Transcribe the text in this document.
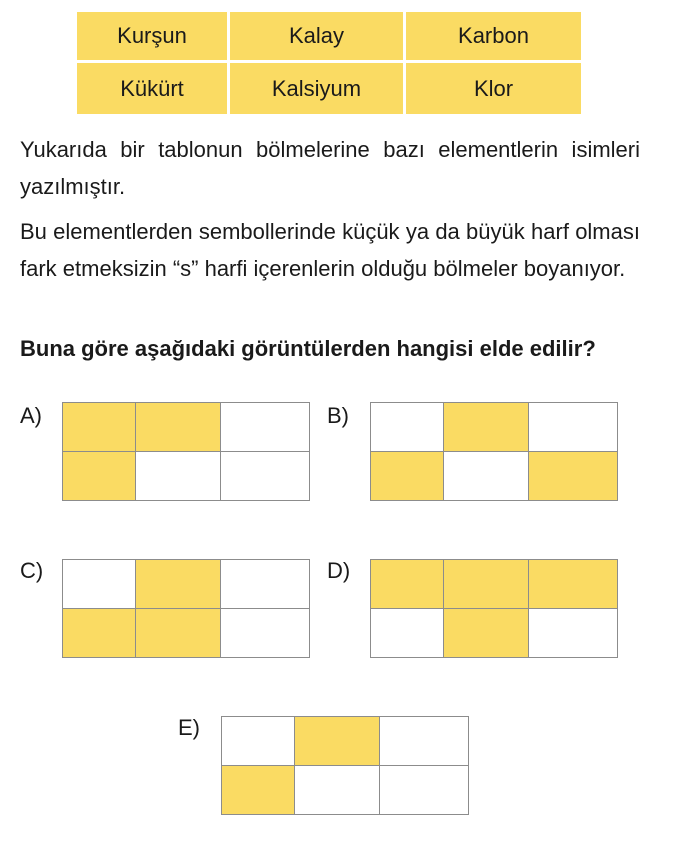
Kurşun	Kalay	Karbon
Kükürt	Kalsiyum	Klor

Yukarıda bir tablonun bölmelerine bazı elementlerin isimleri yazılmıştır.

Bu elementlerden sembollerinde küçük ya da büyük harf olması fark etmeksizin “s” harfi içerenlerin olduğu bölmeler boyanıyor.

Buna göre aşağıdaki görüntülerden hangisi elde edilir?

A)	B)
C)	D)
E)
